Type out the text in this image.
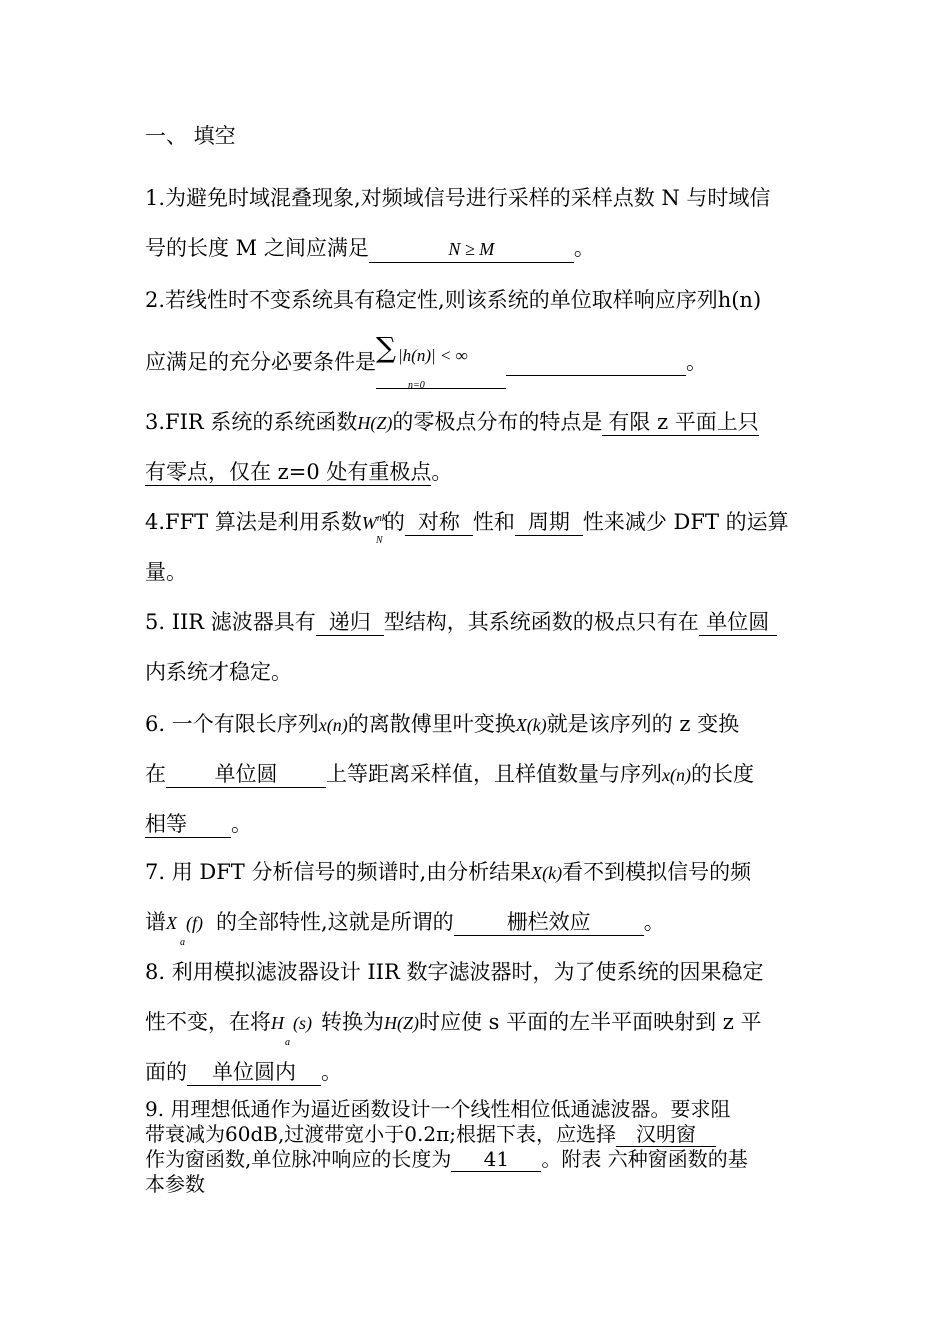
一、 填空
1.为避免时域混叠现象,对频域信号进行采样的采样点数 N 与时域信
号的长度 M 之间应满足	N ≥ M	。
2.若线性时不变系统具有稳定性,则该系统的单位取样响应序列h(n)
应满足的充分必要条件是 ∑ |h(n)| < ∞
n=0
。
3.FIR 系统的系统函数H(Z)的零极点分布的特点是 有限 z 平面上只
有零点，仅在 z=0 处有重极点。
4.FFT 算法是利用系数W nk
N
的 对称 性和 周期 性来减少 DFT 的运算
量。
5. IIR 滤波器具有 递归 型结构，其系统函数的极点只有在 单位圆
内系统才稳定。
6. 一个有限长序列x(n)的离散傅里叶变换X(k)就是该序列的 z 变换
在 单位圆 上等距离采样值，且样值数量与序列x(n)的长度
相等 。
7. 用 DFT 分析信号的频谱时,由分析结果X(k)看不到模拟信号的频
谱X
a
(f) 的全部特性,这就是所谓的	栅栏效应	。
8. 利用模拟滤波器设计 IIR 数字滤波器时，为了使系统的因果稳定
性不变，在将H
a
(s) 转换为H(Z)时应使 s 平面的左半平面映射到 z 平
面的 单位圆内 。
9. 用理想低通作为逼近函数设计一个线性相位低通滤波器。要求阻
带衰减为60dB,过渡带宽小于0.2π;根据下表，应选择 汉明窗
作为窗函数,单位脉冲响应的长度为 41 。附表 六种窗函数的基
本参数
